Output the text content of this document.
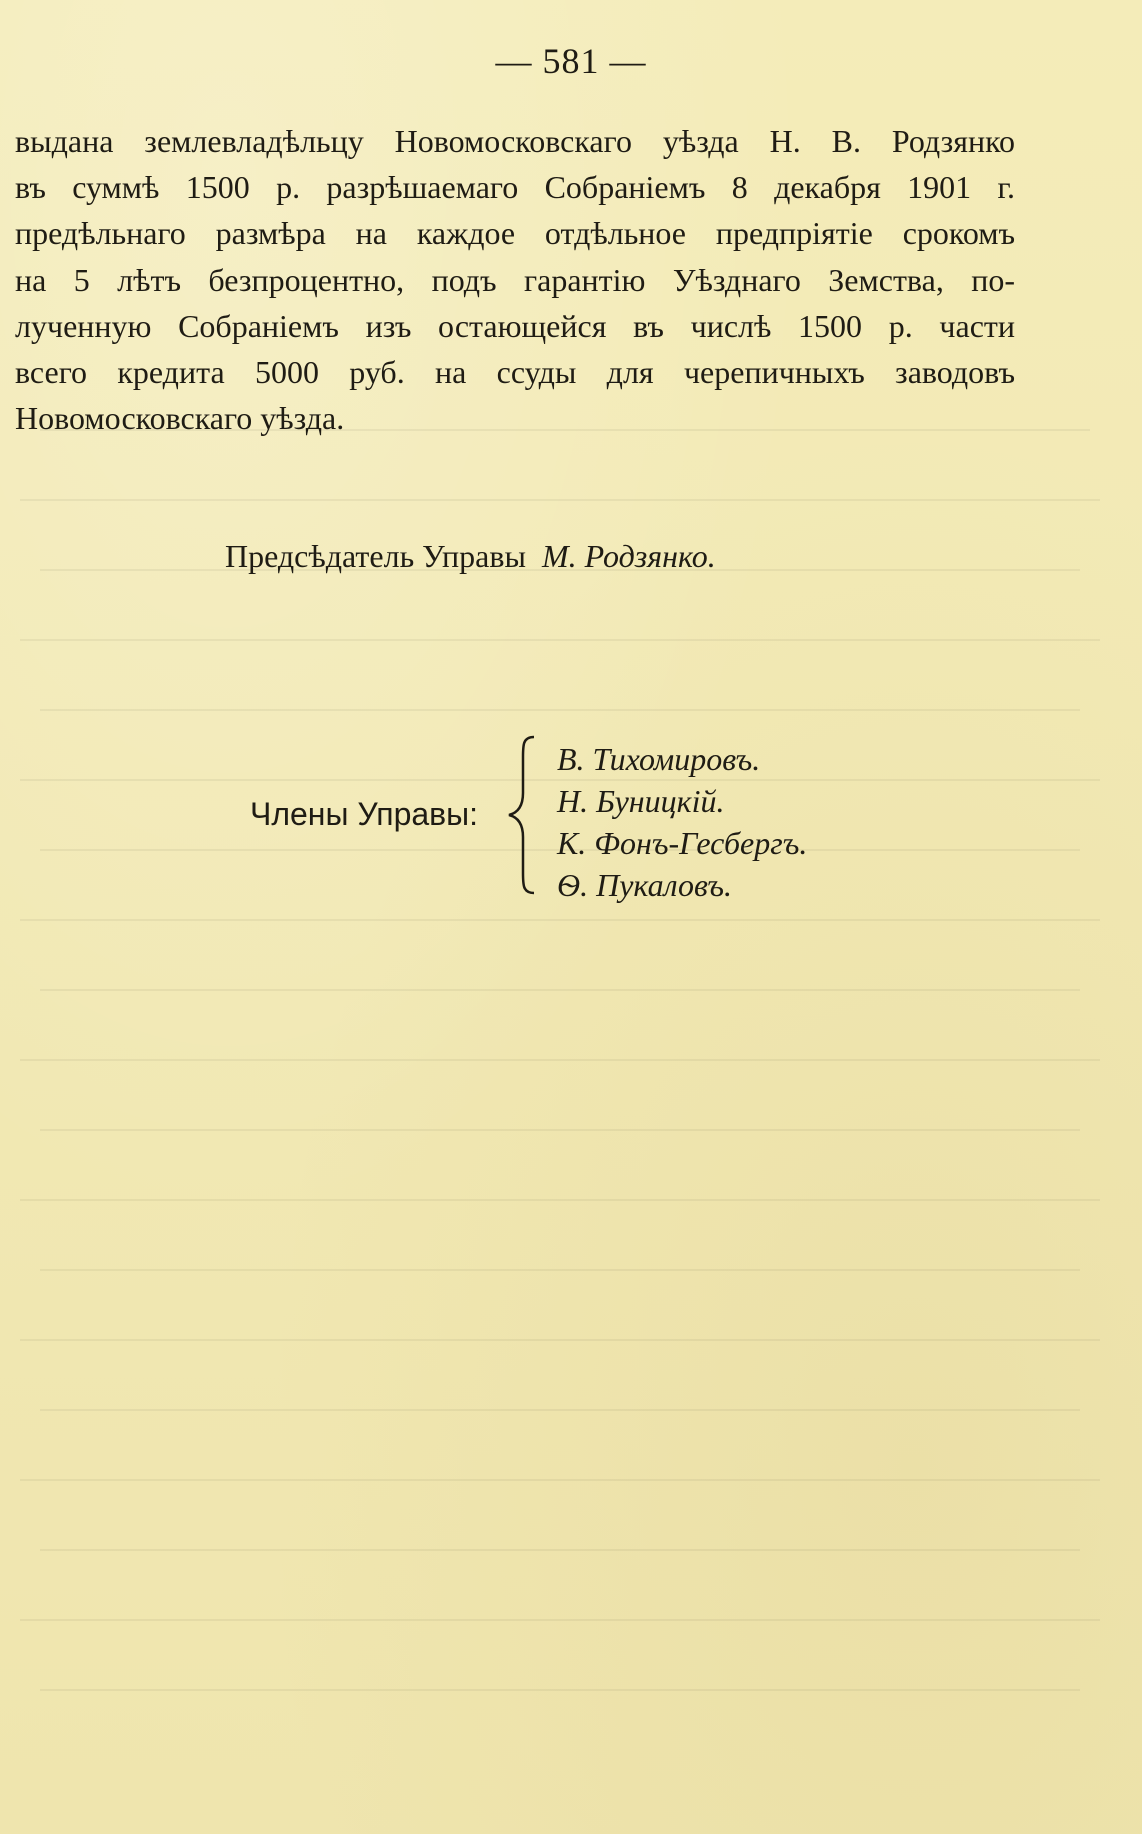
— 581 —
выдана землевладѣльцу Новомосковскаго уѣзда Н. В. Родзянко
въ суммѣ 1500 р. разрѣшаемаго Собраніемъ 8 декабря 1901 г.
предѣльнаго размѣра на каждое отдѣльное предпріятіе срокомъ
на 5 лѣтъ безпроцентно, подъ гарантію Уѣзднаго Земства, по-
лученную Собраніемъ изъ остающейся въ числѣ 1500 р. части
всего кредита 5000 руб. на ссуды для черепичныхъ заводовъ
Новомосковскаго уѣзда.
Предсѣдатель Управы М. Родзянко.
Члены Управы:
В. Тихомировъ.
Н. Буницкій.
К. Фонъ-Гесбергъ.
Ѳ. Пукаловъ.
